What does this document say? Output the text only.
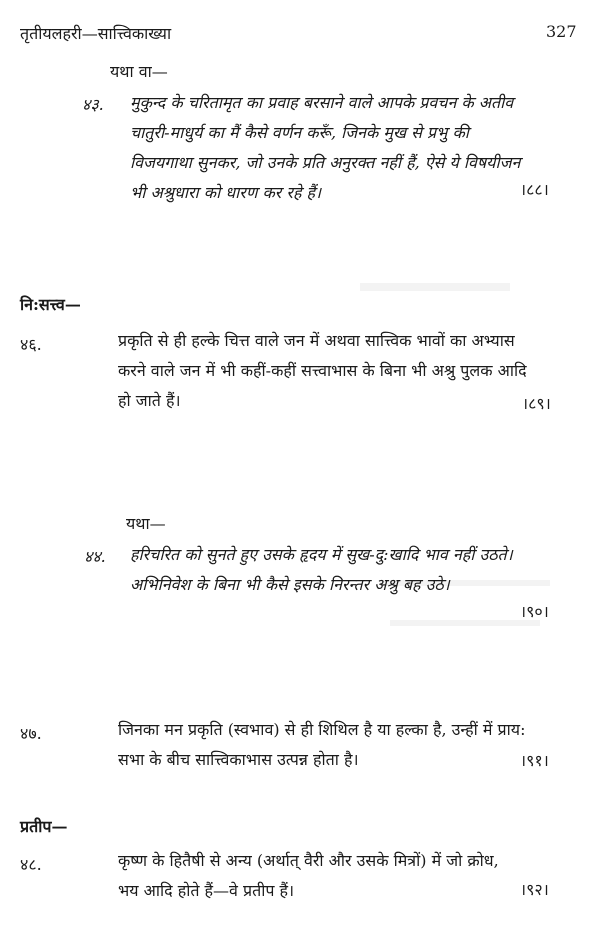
तृतीयलहरी—सात्त्विकाख्या	327
यथा वा—
४३. मुकुन्द के चरितामृत का प्रवाह बरसाने वाले आपके प्रवचन के अतीव
चातुरी-माधुर्य का मैं कैसे वर्णन करूँ, जिनके मुख से प्रभु की
विजयगाथा सुनकर, जो उनके प्रति अनुरक्त नहीं हैं, ऐसे ये विषयीजन
भी अश्रुधारा को धारण कर रहे हैं।	।८८।
नि:सत्त्व—
४६.	प्रकृति से ही हल्के चित्त वाले जन में अथवा सात्त्विक भावों का अभ्यास
करने वाले जन में भी कहीं-कहीं सत्त्वाभास के बिना भी अश्रु पुलक आदि
हो जाते हैं।	।८९।
यथा—
४४. हरिचरित को सुनते हुए उसके हृदय में सुख-दु:खादि भाव नहीं उठते।
अभिनिवेश के बिना भी कैसे इसके निरन्तर अश्रु बह उठे।
।९०।
४७.	जिनका मन प्रकृति (स्वभाव) से ही शिथिल है या हल्का है, उन्हीं में प्राय:
सभा के बीच सात्त्विकाभास उत्पन्न होता है।	।९१।
प्रतीप—
४८.	कृष्ण के हितैषी से अन्य (अर्थात् वैरी और उसके मित्रों) में जो क्रोध,
भय आदि होते हैं—वे प्रतीप हैं।	।९२।
